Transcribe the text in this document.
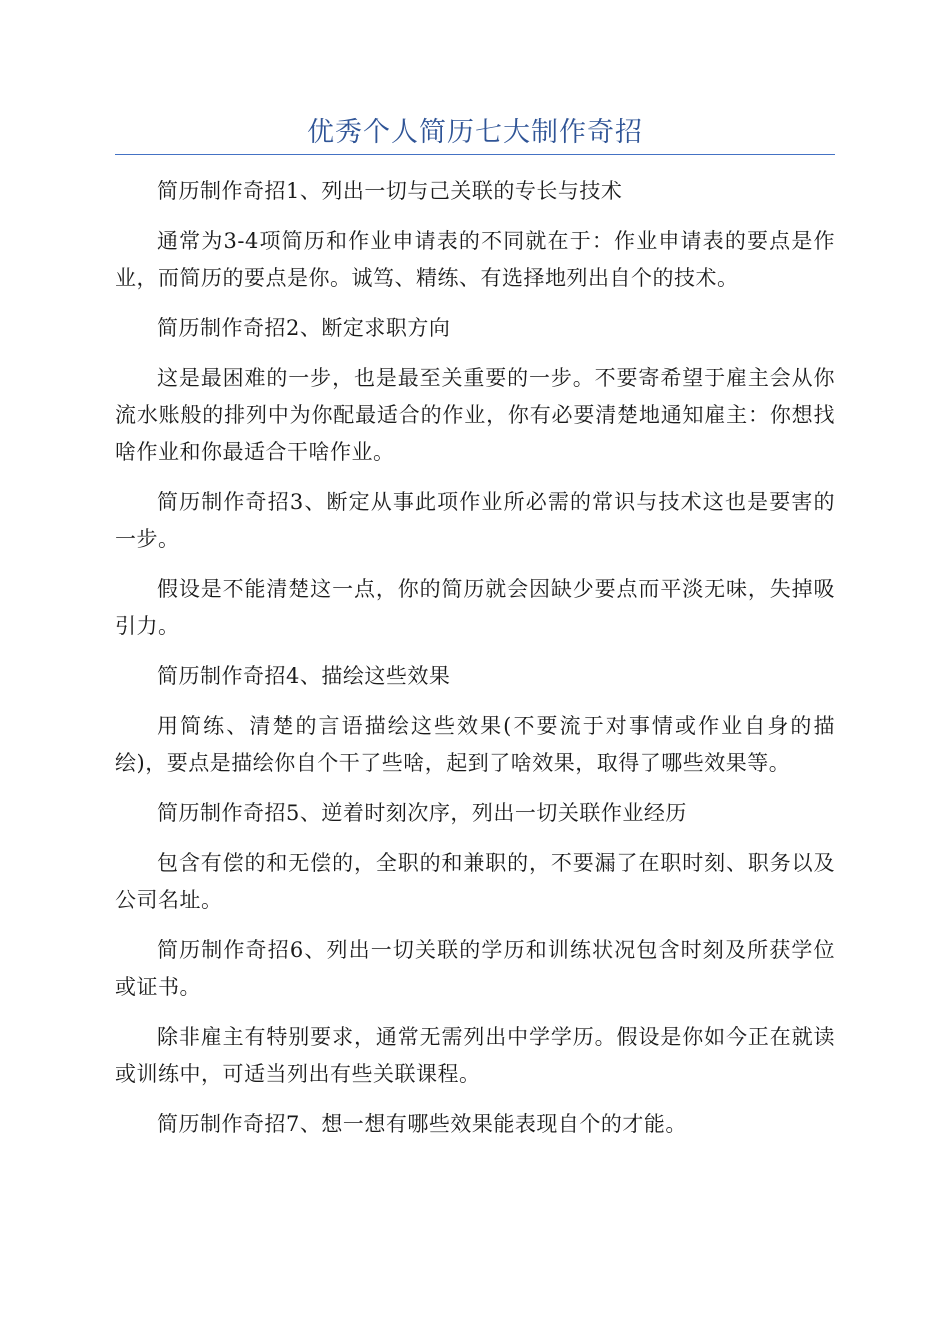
优秀个人简历七大制作奇招

简历制作奇招1、列出一切与己关联的专长与技术

通常为3-4项简历和作业申请表的不同就在于：作业申请表的要点是作业，而简历的要点是你。诚笃、精练、有选择地列出自个的技术。

简历制作奇招2、断定求职方向

这是最困难的一步，也是最至关重要的一步。不要寄希望于雇主会从你流水账般的排列中为你配最适合的作业，你有必要清楚地通知雇主：你想找啥作业和你最适合干啥作业。

简历制作奇招3、断定从事此项作业所必需的常识与技术这也是要害的一步。

假设是不能清楚这一点，你的简历就会因缺少要点而平淡无味，失掉吸引力。

简历制作奇招4、描绘这些效果

用简练、清楚的言语描绘这些效果(不要流于对事情或作业自身的描绘)，要点是描绘你自个干了些啥，起到了啥效果，取得了哪些效果等。

简历制作奇招5、逆着时刻次序，列出一切关联作业经历

包含有偿的和无偿的，全职的和兼职的，不要漏了在职时刻、职务以及公司名址。

简历制作奇招6、列出一切关联的学历和训练状况包含时刻及所获学位或证书。

除非雇主有特别要求，通常无需列出中学学历。假设是你如今正在就读或训练中，可适当列出有些关联课程。

简历制作奇招7、想一想有哪些效果能表现自个的才能。
